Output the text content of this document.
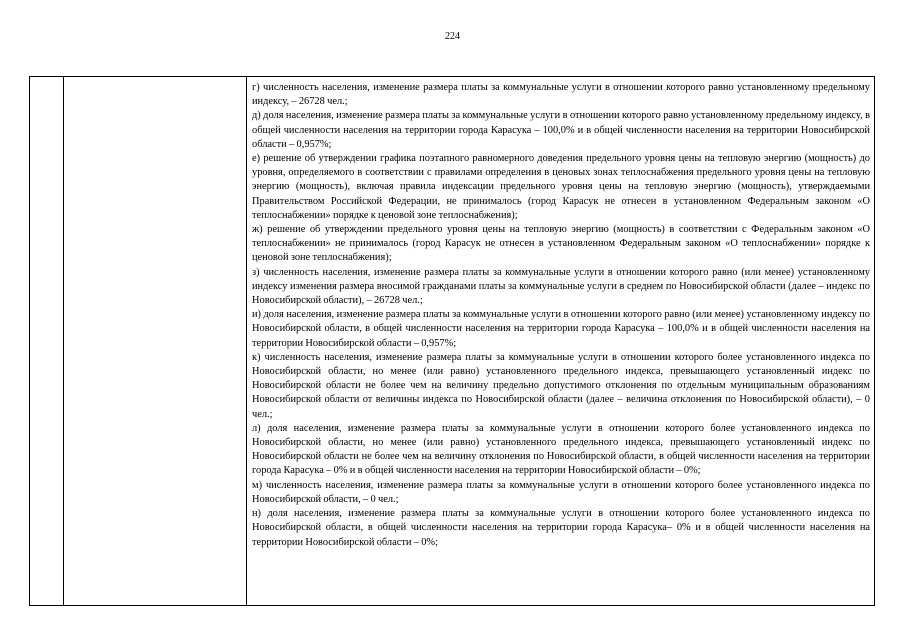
224

г) численность населения, изменение размера платы за коммунальные услуги в отношении которого равно установленному предельному индексу, – 26728 чел.;

д) доля населения, изменение размера платы за коммунальные услуги в отношении которого равно установленному предельному индексу, в общей численности населения на территории города Карасука – 100,0% и в общей численности населения на территории Новосибирской области – 0,957%;

е) решение об утверждении графика поэтапного равномерного доведения предельного уровня цены на тепловую энергию (мощность) до уровня, определяемого в соответствии с правилами определения в ценовых зонах теплоснабжения предельного уровня цены на тепловую энергию (мощность), включая правила индексации предельного уровня цены на тепловую энергию (мощность), утверждаемыми Правительством Российской Федерации, не принималось (город Карасук не отнесен в установленном Федеральным законом «О теплоснабжении» порядке к ценовой зоне теплоснабжения);

ж) решение об утверждении предельного уровня цены на тепловую энергию (мощность) в соответствии с Федеральным законом «О теплоснабжении» не принималось (город Карасук не отнесен в установленном Федеральным законом «О теплоснабжении» порядке к ценовой зоне теплоснабжения);

з) численность населения, изменение размера платы за коммунальные услуги в отношении которого равно (или менее) установленному индексу изменения размера вносимой гражданами платы за коммунальные услуги в среднем по Новосибирской области (далее – индекс по Новосибирской области), – 26728 чел.;

и) доля населения, изменение размера платы за коммунальные услуги в отношении которого равно (или менее) установленному индексу по Новосибирской области, в общей численности населения на территории города Карасука – 100,0% и в общей численности населения на территории Новосибирской области – 0,957%;

к) численность населения, изменение размера платы за коммунальные услуги в отношении которого более установленного индекса по Новосибирской области, но менее (или равно) установленного предельного индекса, превышающего установленный индекс по Новосибирской области не более чем на величину предельно допустимого отклонения по отдельным муниципальным образованиям Новосибирской области от величины индекса по Новосибирской области (далее – величина отклонения по Новосибирской области), – 0 чел.;

л) доля населения, изменение размера платы за коммунальные услуги в отношении которого более установленного индекса по Новосибирской области, но менее (или равно) установленного предельного индекса, превышающего установленный индекс по Новосибирской области не более чем на величину отклонения по Новосибирской области, в общей численности населения на территории города Карасука – 0% и в общей численности населения на территории Новосибирской области – 0%;

м) численность населения, изменение размера платы за коммунальные услуги в отношении которого более установленного индекса по Новосибирской области, – 0 чел.;

н) доля населения, изменение размера платы за коммунальные услуги в отношении которого более установленного индекса по Новосибирской области, в общей численности населения на территории города Карасука– 0% и в общей численности населения на территории Новосибирской области – 0%;
